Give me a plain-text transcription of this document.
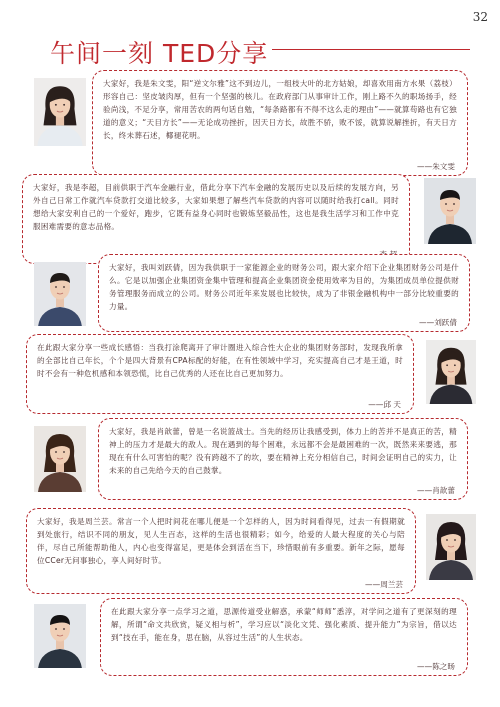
32
午间一刻 TED分享

大家好，我是朱文雯，阳“逆文尔雅”这不到边儿，一组枝大叶的北方姑娘，却喜欢用南方水果（荔枝）形容自己：坚皮皱肉厚，但有一个坚强的核儿。在政府部门从事审计工作，刚上路不久的职场扬手，经验尚浅，不足分享，常用苦农的两句话自勉，“每条路都有不得不这么走的理由”——就算苟路也有它独道的意义；“天目方长”——无论成功挫折，因天日方长，故胜不骄，败不馁，就算说解挫折，有天日方长，终未葬石述，椰褪花明。

——朱文雯

大家好，我是李超，目前供职于汽车金融行业，借此分享下汽车金融的发展历史以及后续的发展方向，另外自己日常工作就汽车贷款打交道比较多，大家如果想了解些汽车贷款的内容可以随时给我打call。同时想给大家安利自己的一个爱好，跑步，它既有益身心同时也锻炼坚毅品性，这也是我生活学习和工作中克服困难需要的意志品格。

大家好，我叫刘跃倩，因为我供职于一家能源企业的财务公司，跟大家介绍下企业集团财务公司是什么。它是以加强企业集团资金集中管理和提高企业集团资金使用效率为目的，为集团成员单位提供财务管理服务而成立的公司。财务公司近年来发展也比较快，成为了非银金融机构中一部分比较重要的力量。

——刘跃倩

在此跟大家分享一些成长感悟：当我打涂爬离开了审计圈进入综合性大企业的集团财务部时，发现我所拿的全部比自己年长，个个是四大背景有CPA标配的好能，在有性领域中学习，充实提高自己才是王道，时时不会有一种危机感和本领恐慌，比自己优秀的人还在比自己更加努力。

——邱 天

大家好，我是肖歆蕾，曾是一名说篮战士。当先的经历让我感受到，体力上的苦并不是真正的苦，精神上的压力才是最大的敌人。现在遇到的每个困难，永远都不会是最困难的一次，既然来来要逃，那现在有什么可害怕的呢？没有跨越不了的坎，要在精神上充分相信自己，时间会证明自己的实力，让未来的自己先给今天的自己鼓掌。

——肖歆蕾

大家好，我是周兰芸。常言一个人把时间花在哪儿便是一个怎样的人，因为时间看得见，过去一有假期就到处旅行，结识不同的朋友，见人生百态，这样的生活也很精彩；如今，给爱的人最大程度的关心与陪伴，尽自己所能帮助他人，内心也变得富足，更是体会到活在当下，珍惜眼前有多重要。新年之际，愿每位CCer无问事独心，享人间好时节。

——周兰芸

在此跟大家分享一点学习之道，思源传道受业解惑，承蒙“师师”悉淳，对学问之道有了更深刻的理解，所谓“命文共欣赏，疑义相与析”，学习应以“淡化文凭、强化素质、提升能力”为宗旨，借以达到“技在手，能在身，思在脑，从容过生活”的人生状态。

——陈之旸
